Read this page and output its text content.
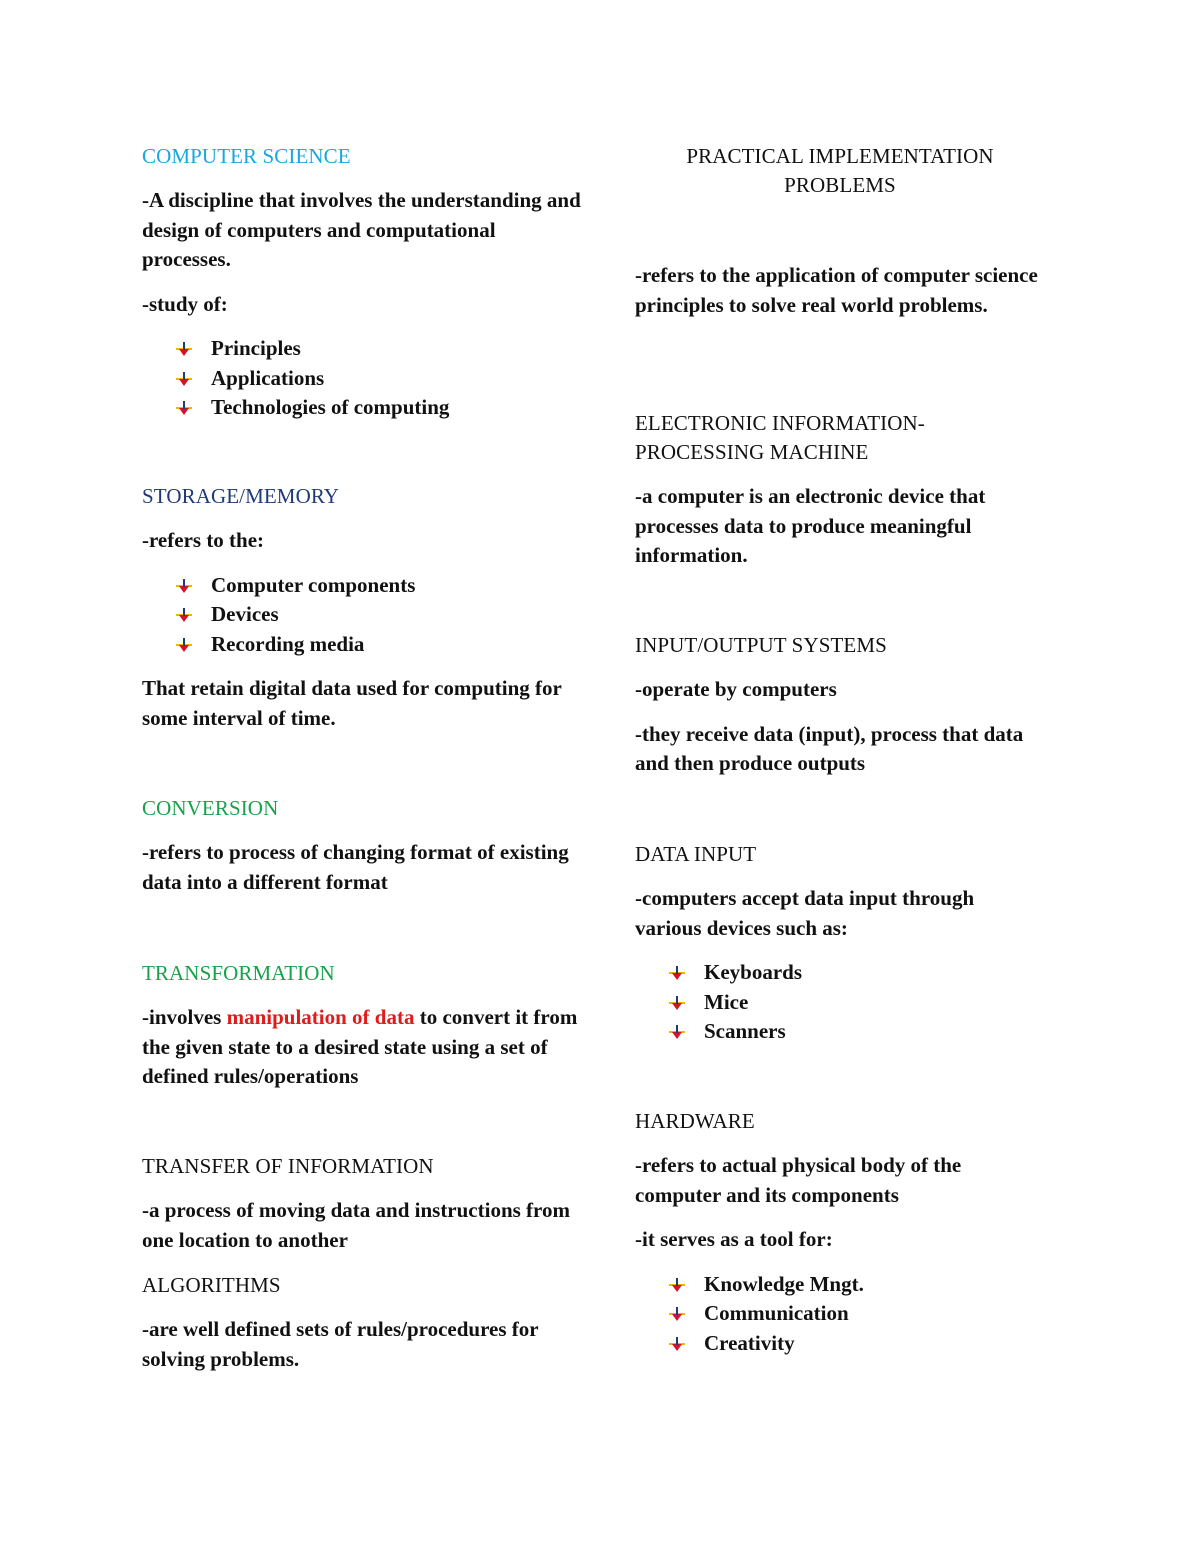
COMPUTER SCIENCE
-A discipline that involves the understanding and design of computers and computational processes.
-study of:
Principles
Applications
Technologies of computing
STORAGE/MEMORY
-refers to the:
Computer components
Devices
Recording media
That retain digital data used for computing for some interval of time.
CONVERSION
-refers to process of changing format of existing data into a different format
TRANSFORMATION
-involves manipulation of data to convert it from the given state to a desired state using a set of defined rules/operations
TRANSFER OF INFORMATION
-a process of moving data and instructions from one location to another
ALGORITHMS
-are well defined sets of rules/procedures for solving problems.
PRACTICAL IMPLEMENTATION
PROBLEMS
-refers to the application of computer science principles to solve real world problems.
ELECTRONIC INFORMATION-PROCESSING MACHINE
-a computer is an electronic device that processes data to produce meaningful information.
INPUT/OUTPUT SYSTEMS
-operate by computers
-they receive data (input), process that data and then produce outputs
DATA INPUT
-computers accept data input through various devices such as:
Keyboards
Mice
Scanners
HARDWARE
-refers to actual physical body of the computer and its components
-it serves as a tool for:
Knowledge Mngt.
Communication
Creativity
